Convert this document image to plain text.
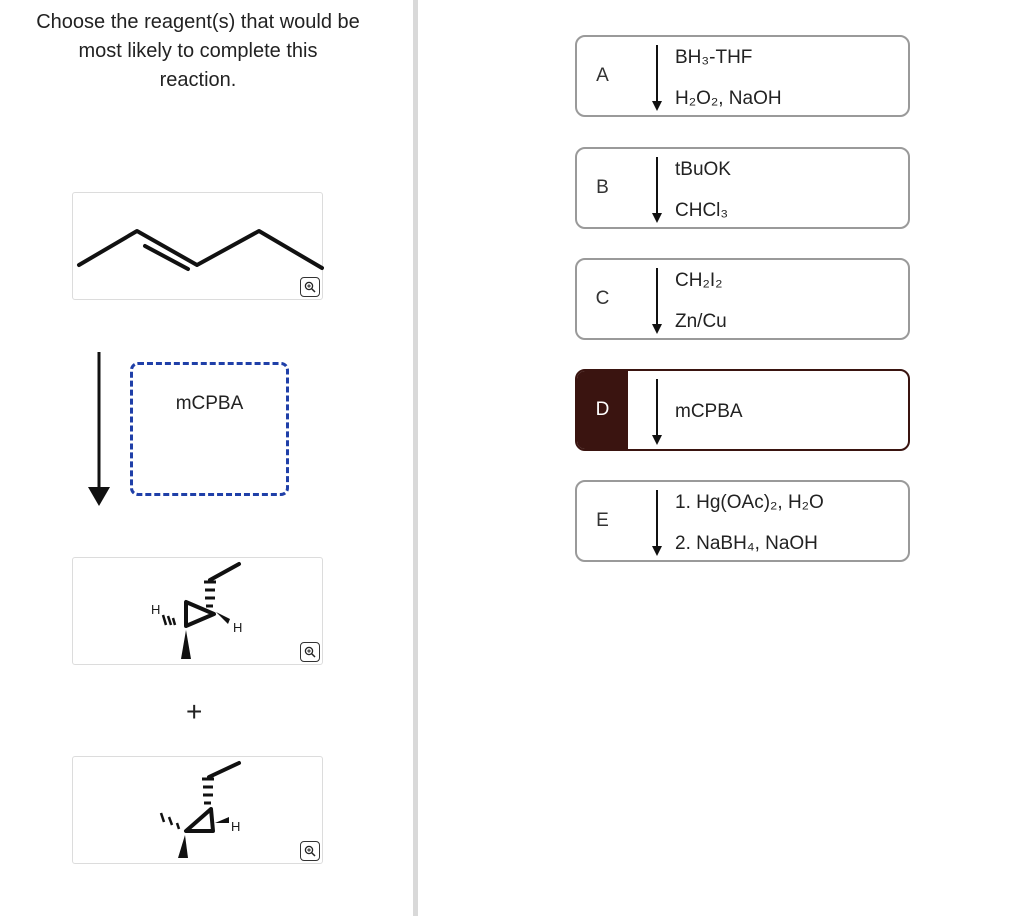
Choose the reagent(s) that would be
most likely to complete this
reaction.
mCPBA
H
H
+
H
A
BH₃-THF
H₂O₂, NaOH
B
tBuOK
CHCl₃
C
CH₂I₂
Zn/Cu
D	mCPBA
E
1. Hg(OAc)₂, H₂O
2. NaBH₄, NaOH
